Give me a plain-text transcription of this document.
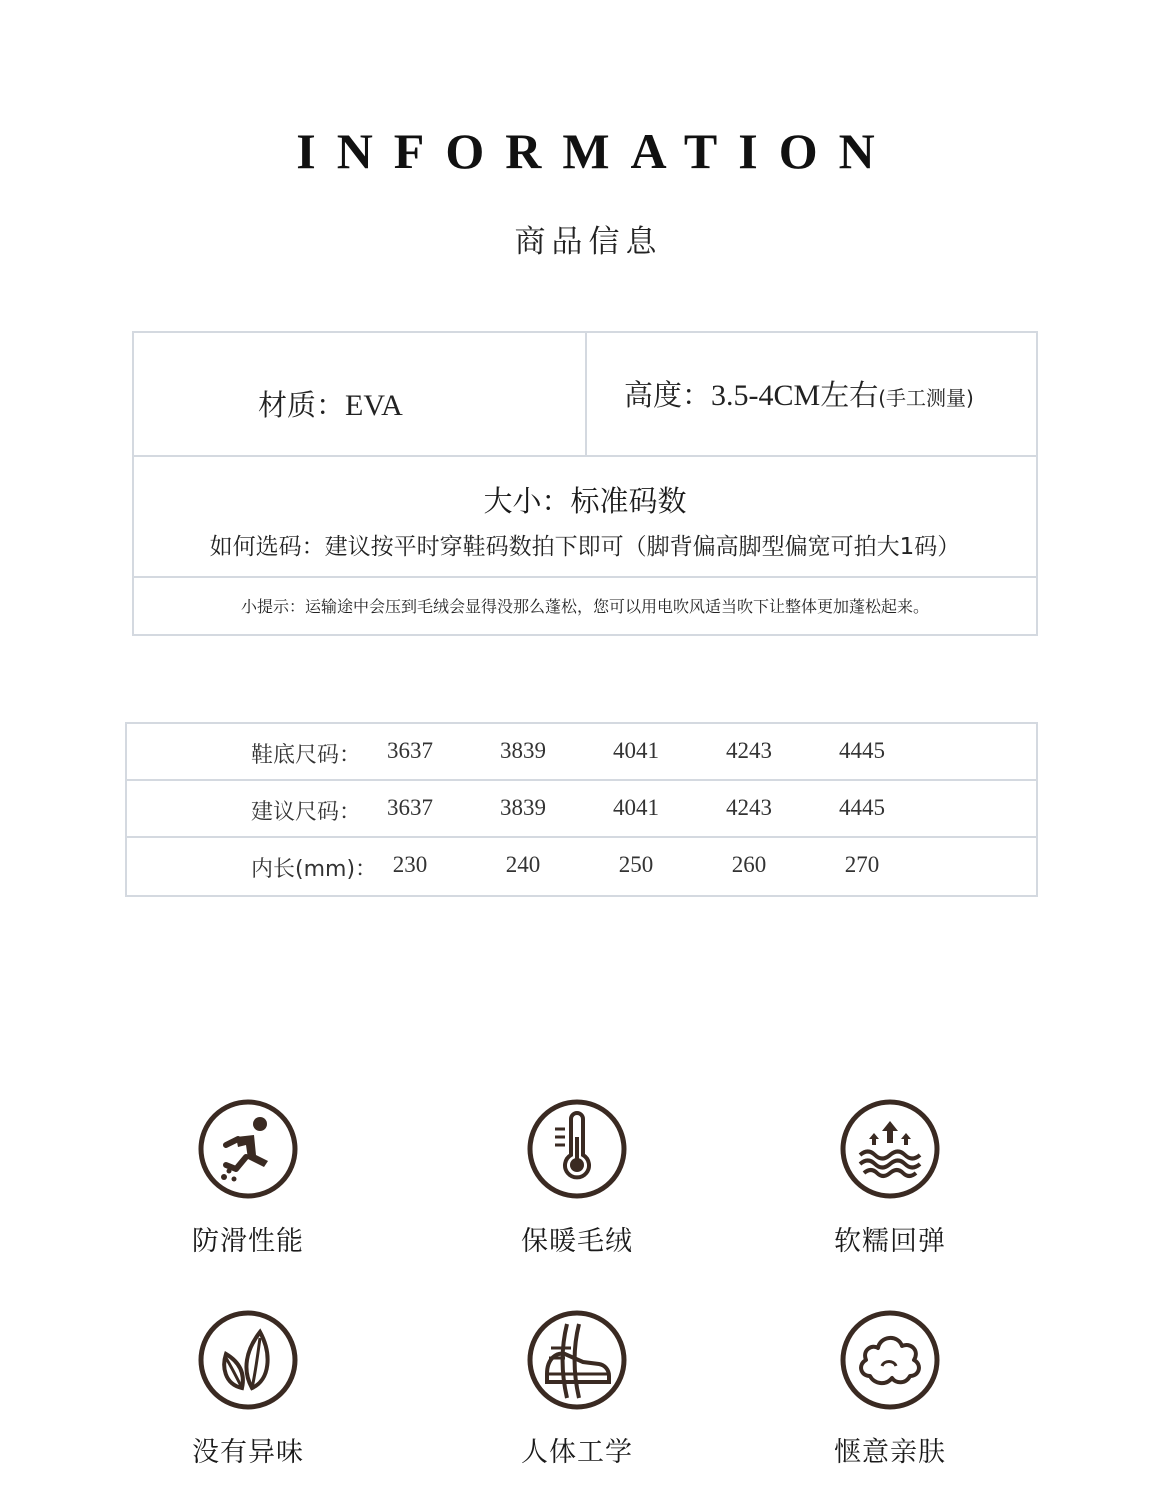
INFORMATION
商品信息
材质：EVA	高度：3.5-4CM左右(手工测量)
大小：标准码数
如何选码：建议按平时穿鞋码数拍下即可（脚背偏高脚型偏宽可拍大1码）
小提示：运输途中会压到毛绒会显得没那么蓬松，您可以用电吹风适当吹下让整体更加蓬松起来。
鞋底尺码：	3637	3839	4041	4243	4445
建议尺码：	3637	3839	4041	4243	4445
内长(mm)： 230	240	250	260	270
防滑性能	保暖毛绒	软糯回弹
没有异味	人体工学	惬意亲肤
